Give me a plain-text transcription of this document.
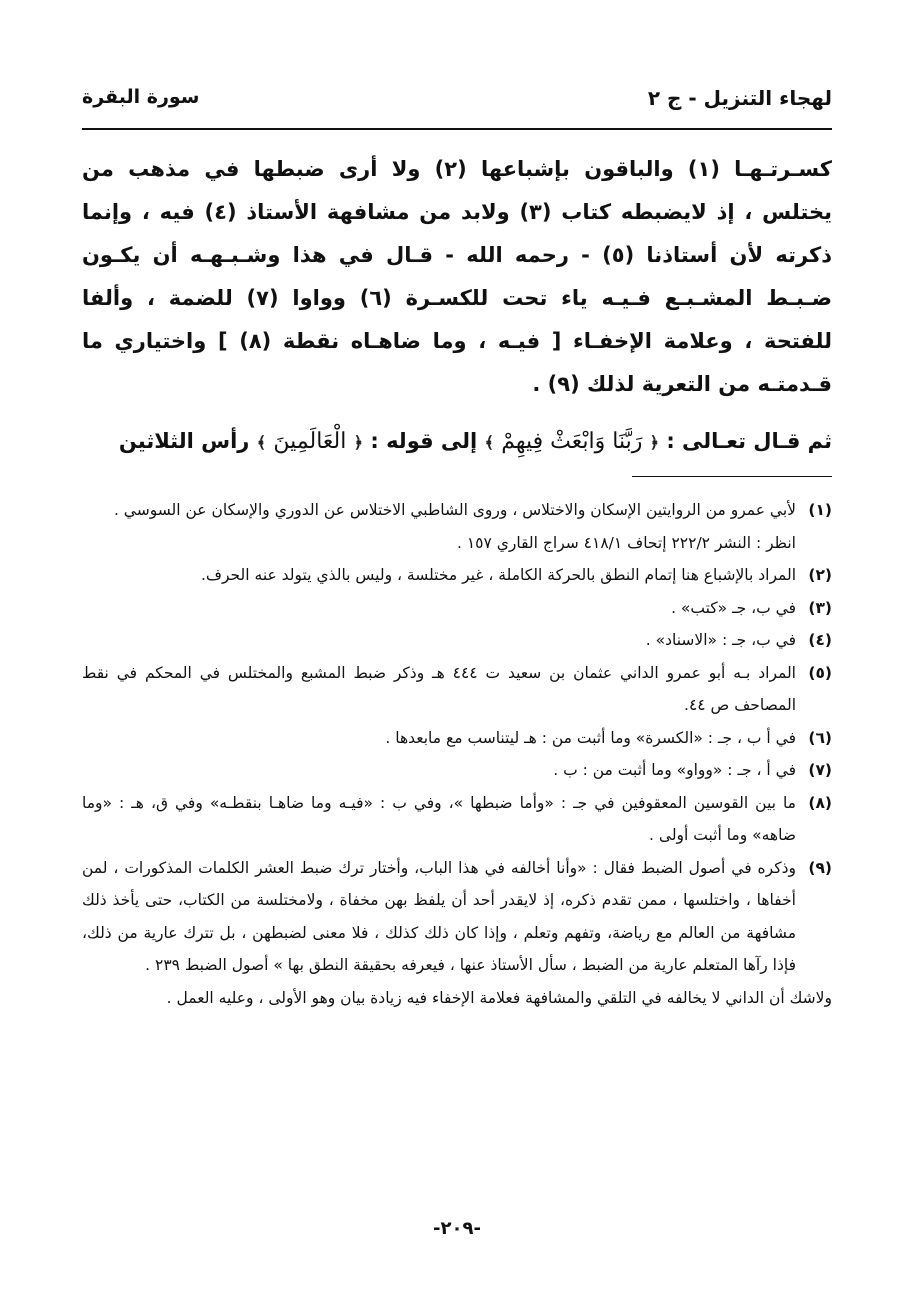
لهجاء التنزيل - ج ٢
سورة البقرة

كسـرتـهـا (١) والباقون بإشباعها (٢) ولا أرى ضبطها في مذهب من يختلس ، إذ لايضبطه كتاب (٣) ولابد من مشافهة الأستاذ (٤) فيه ، وإنما ذكرته لأن أستاذنا (٥) - رحمه الله - قـال في هذا وشـبـهـه أن يكـون ضـبـط المشـبـع فـيـه ياء تحت للكسـرة (٦) وواوا (٧) للضمة ، وألفا للفتحة ، وعلامة الإخفـاء [ فيـه ، وما ضاهـاه نقطة (٨) ] واختياري ما قـدمتـه من التعرية لذلك (٩) .

ثم قـال تعـالى : ﴿ رَبَّنَا وَابْعَثْ فِيهِمْ ﴾ إلى قوله : ﴿ الْعَالَمِينَ ﴾ رأس الثلاثين

(١)

لأبي عمرو من الروايتين الإسكان والاختلاس ، وروى الشاطبي الاختلاس عن الدوري والإسكان عن السوسي .

انظر : النشر ٢٢٢/٢ إتحاف ٤١٨/١ سراج القاري ١٥٧ .

(٢)

المراد بالإشباع هنا إتمام النطق بالحركة الكاملة ، غير مختلسة ، وليس بالذي يتولد عنه الحرف.

(٣)

في ب، جـ «كتب» .

(٤)

في ب، جـ : «الاسناد» .

(٥)

المراد بـه أبو عمرو الداني عثمان بن سعيد ت ٤٤٤ هـ وذكر ضبط المشبع والمختلس في المحكم في نقط المصاحف ص ٤٤.

(٦)

في أ ب ، جـ : «الكسرة» وما أثبت من : هـ ليتناسب مع مابعدها .

(٧)

في أ ، جـ : «وواو» وما أثبت من : ب .

(٨)

ما بين القوسين المعقوفين في جـ : «وأما ضبطها »، وفي ب : «فيـه وما ضاهـا بنقطـه» وفي ق، هـ : «وما ضاهه» وما أثبت أولى .

(٩)

وذكره في أصول الضبط فقال : «وأنا أخالفه في هذا الباب، وأختار ترك ضبط العشر الكلمات المذكورات ، لمن أخفاها ، واختلسها ، ممن تقدم ذكره، إذ لايقدر أحد أن يلفظ بهن مخفاة ، ولامختلسة من الكتاب، حتى يأخذ ذلك مشافهة من العالم مع رياضة، وتفهم وتعلم ، وإذا كان ذلك كذلك ، فلا معنى لضبطهن ، بل تترك عارية من ذلك، فإذا رآها المتعلم عارية من الضبط ، سأل الأستاذ عنها ، فيعرفه بحقيقة النطق بها » أصول الضبط ٢٣٩ .

ولاشك أن الداني لا يخالفه في التلقي والمشافهة فعلامة الإخفاء فيه زيادة بيان وهو الأولى ، وعليه العمل .

-٢٠٩-
